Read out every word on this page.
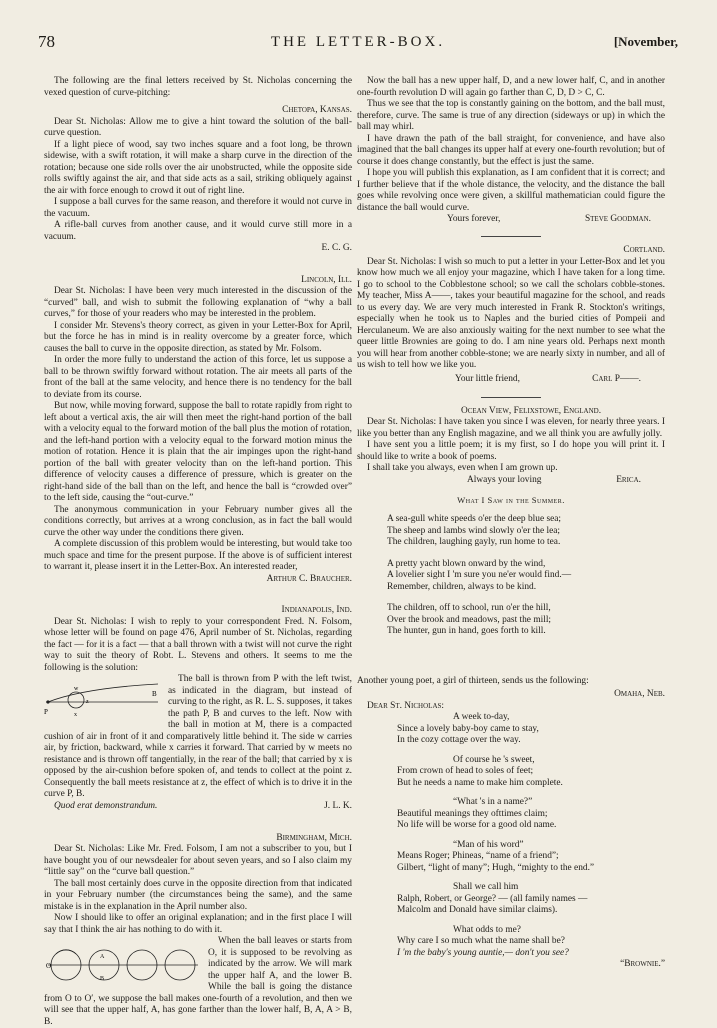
78	THE LETTER-BOX.	[November,

The following are the final letters received by St. Nicholas concerning the vexed question of curve-pitching:

Chetopa, Kansas.

Dear St. Nicholas: Allow me to give a hint toward the solution of the ball-curve question.

If a light piece of wood, say two inches square and a foot long, be thrown sidewise, with a swift rotation, it will make a sharp curve in the direction of the rotation; because one side rolls over the air unobstructed, while the opposite side rolls swiftly against the air, and that side acts as a sail, striking obliquely against the air with force enough to crowd it out of right line.

I suppose a ball curves for the same reason, and therefore it would not curve in the vacuum.

A rifle-ball curves from another cause, and it would curve still more in a vacuum.

E. C. G.
Lincoln, Ill.

Dear St. Nicholas: I have been very much interested in the discussion of the “curved” ball, and wish to submit the following explanation of “why a ball curves,” for those of your readers who may be interested in the problem.

I consider Mr. Stevens's theory correct, as given in your Letter-Box for April, but the force he has in mind is in reality overcome by a greater force, which causes the ball to curve in the opposite direction, as stated by Mr. Folsom.

In order the more fully to understand the action of this force, let us suppose a ball to be thrown swiftly forward without rotation. The air meets all parts of the front of the ball at the same velocity, and hence there is no tendency for the ball to deviate from its course.

But now, while moving forward, suppose the ball to rotate rapidly from right to left about a vertical axis, the air will then meet the right-hand portion of the ball with a velocity equal to the forward motion of the ball plus the motion of rotation, and the left-hand portion with a velocity equal to the forward motion minus the motion of rotation. Hence it is plain that the air impinges upon the right-hand portion of the ball with greater velocity than on the left-hand portion. This difference of velocity causes a difference of pressure, which is greater on the right-hand side of the ball than on the left, and hence the ball is “crowded over” to the left side, causing the “out-curve.”

The anonymous communication in your February number gives all the conditions correctly, but arrives at a wrong conclusion, as in fact the ball would curve the other way under the conditions there given.

A complete discussion of this problem would be interesting, but would take too much space and time for the present purpose. If the above is of sufficient interest to warrant it, please insert it in the Letter-Box. An interested reader,

Arthur C. Braucher.
Indianapolis, Ind.

Dear St. Nicholas: I wish to reply to your correspondent Fred. N. Folsom, whose letter will be found on page 476, April number of St. Nicholas, regarding the fact — for it is a fact — that a ball thrown with a twist will not curve the right way to suit the theory of Robt. L. Stevens and others. It seems to me the following is the solution:

P
B
w
x
z

The ball is thrown from P with the left twist, as indicated in the diagram, but instead of curving to the right, as R. L. S. supposes, it takes the path P, B and curves to the left. Now with the ball in motion at M, there is a compacted cushion of air in front of it and comparatively little behind it. The side w carries air, by friction, backward, while x carries it forward. That carried by w meets no resistance and is thrown off tangentially, in the rear of the ball; that carried by x is opposed by the air-cushion before spoken of, and tends to collect at the point z. Consequently the ball meets resistance at z, the effect of which is to drive it in the curve P, B.

Quod erat demonstrandum.	J. L. K.
Birmingham, Mich.

Dear St. Nicholas: Like Mr. Fred. Folsom, I am not a subscriber to you, but I have bought you of our newsdealer for about seven years, and so I also claim my “little say” on the “curve ball question.”

The ball most certainly does curve in the opposite direction from that indicated in your February number (the circumstances being the same), and the same mistake is in the explanation in the April number also.

Now I should like to offer an original explanation; and in the first place I will say that I think the air has nothing to do with it.

O
A
B

When the ball leaves or starts from O, it is supposed to be revolving as indicated by the arrow. We will mark the upper half A, and the lower B. While the ball is going the distance from O to O′, we suppose the ball makes one-fourth of a revolution, and then we will see that the upper half, A, has gone farther than the lower half, B, A, A > B, B.

Now the ball has a new upper half, D, and a new lower half, C, and in another one-fourth revolution D will again go farther than C, D, D > C, C.

Thus we see that the top is constantly gaining on the bottom, and the ball must, therefore, curve. The same is true of any direction (sideways or up) in which the ball may whirl.

I have drawn the path of the ball straight, for convenience, and have also imagined that the ball changes its upper half at every one-fourth revolution; but of course it does change constantly, but the effect is just the same.

I hope you will publish this explanation, as I am confident that it is correct; and I further believe that if the whole distance, the velocity, and the distance the ball goes while revolving once were given, a skillful mathematician could figure the distance the ball would curve.

Yours forever,	Steve Goodman.
Cortland.

Dear St. Nicholas: I wish so much to put a letter in your Letter-Box and let you know how much we all enjoy your magazine, which I have taken for a long time. I go to school to the Cobblestone school; so we call the scholars cobble-stones. My teacher, Miss A——, takes your beautiful magazine for the school, and reads to us every day. We are very much interested in Frank R. Stockton's writings, especially when he took us to Naples and the buried cities of Pompeii and Herculaneum. We are also anxiously waiting for the next number to see what the queer little Brownies are going to do. I am nine years old. Perhaps next month you will hear from another cobble-stone; we are nearly sixty in number, and all of us wish to tell how we like you.

Your little friend,	Carl P——.
Ocean View, Felixstowe, England.

Dear St. Nicholas: I have taken you since I was eleven, for nearly three years. I like you better than any English magazine, and we all think you are awfully jolly.

I have sent you a little poem; it is my first, so I do hope you will print it. I should like to write a book of poems.

I shall take you always, even when I am grown up.

Always your loving	Erica.
What I Saw in the Summer.
A sea-gull white speeds o'er the deep blue sea;
The sheep and lambs wind slowly o'er the lea;
The children, laughing gayly, run home to tea.
A pretty yacht blown onward by the wind,
A lovelier sight I 'm sure you ne'er would find.—
Remember, children, always to be kind.
The children, off to school, run o'er the hill,
Over the brook and meadows, past the mill;
The hunter, gun in hand, goes forth to kill.

Another young poet, a girl of thirteen, sends us the following:

Omaha, Neb.

Dear St. Nicholas:

A week to-day,
Since a lovely baby-boy came to stay,
In the cozy cottage over the way.
Of course he 's sweet,
From crown of head to soles of feet;
But he needs a name to make him complete.
“What 's in a name?”
Beautiful meanings they ofttimes claim;
No life will be worse for a good old name.
“Man of his word”
Means Roger; Phineas, “name of a friend”;
Gilbert, “light of many”; Hugh, “mighty to the end.”
Shall we call him
Ralph, Robert, or George? — (all family names —
Malcolm and Donald have similar claims).
What odds to me?
Why care I so much what the name shall be?
I 'm the baby's young auntie,— don't you see?
“Brownie.”
